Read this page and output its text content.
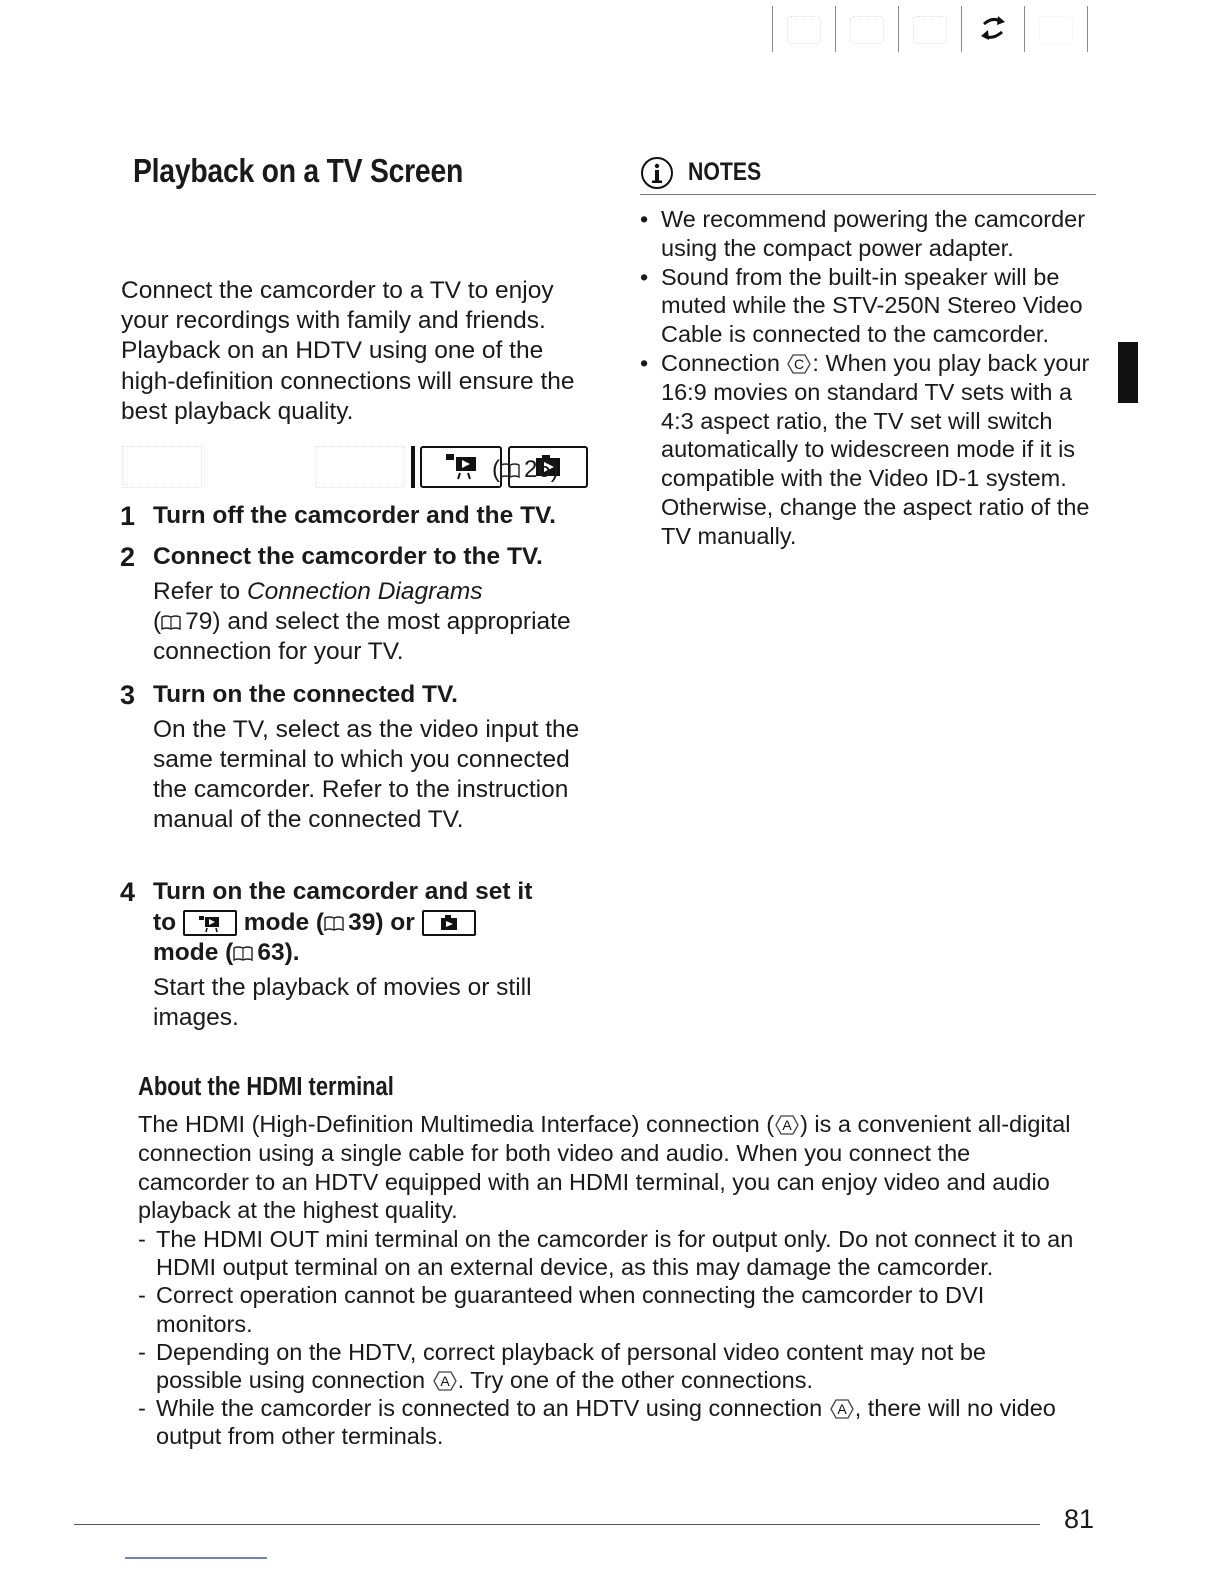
Playback on a TV Screen
Connect the camcorder to a TV to enjoy your recordings with family and friends. Playback on an HDTV using one of the high-definition connections will ensure the best playback quality.
( 26)
1 Turn off the camcorder and the TV.
2 Connect the camcorder to the TV.
Refer to Connection Diagrams
( 79) and select the most appropriate connection for your TV.
3 Turn on the connected TV.
On the TV, select as the video input the same terminal to which you connected the camcorder. Refer to the instruction manual of the connected TV.
4 Turn on the camcorder and set it
to	mode ( 39) or
mode ( 63).
Start the playback of movies or still images.
NOTES
• We recommend powering the camcorder using the compact power adapter.
• Sound from the built-in speaker will be muted while the STV-250N Stereo Video Cable is connected to the camcorder.
• Connection C : When you play back your 16:9 movies on standard TV sets with a 4:3 aspect ratio, the TV set will switch automatically to widescreen mode if it is compatible with the Video ID-1 system. Otherwise, change the aspect ratio of the TV manually.
About the HDMI terminal
The HDMI (High-Definition Multimedia Interface) connection ( A ) is a convenient all-digital connection using a single cable for both video and audio. When you connect the camcorder to an HDTV equipped with an HDMI terminal, you can enjoy video and audio playback at the highest quality.
- The HDMI OUT mini terminal on the camcorder is for output only. Do not connect it to an HDMI output terminal on an external device, as this may damage the camcorder.
- Correct operation cannot be guaranteed when connecting the camcorder to DVI monitors.
- Depending on the HDTV, correct playback of personal video content may not be possible using connection A . Try one of the other connections.
- While the camcorder is connected to an HDTV using connection A , there will no video output from other terminals.
81
